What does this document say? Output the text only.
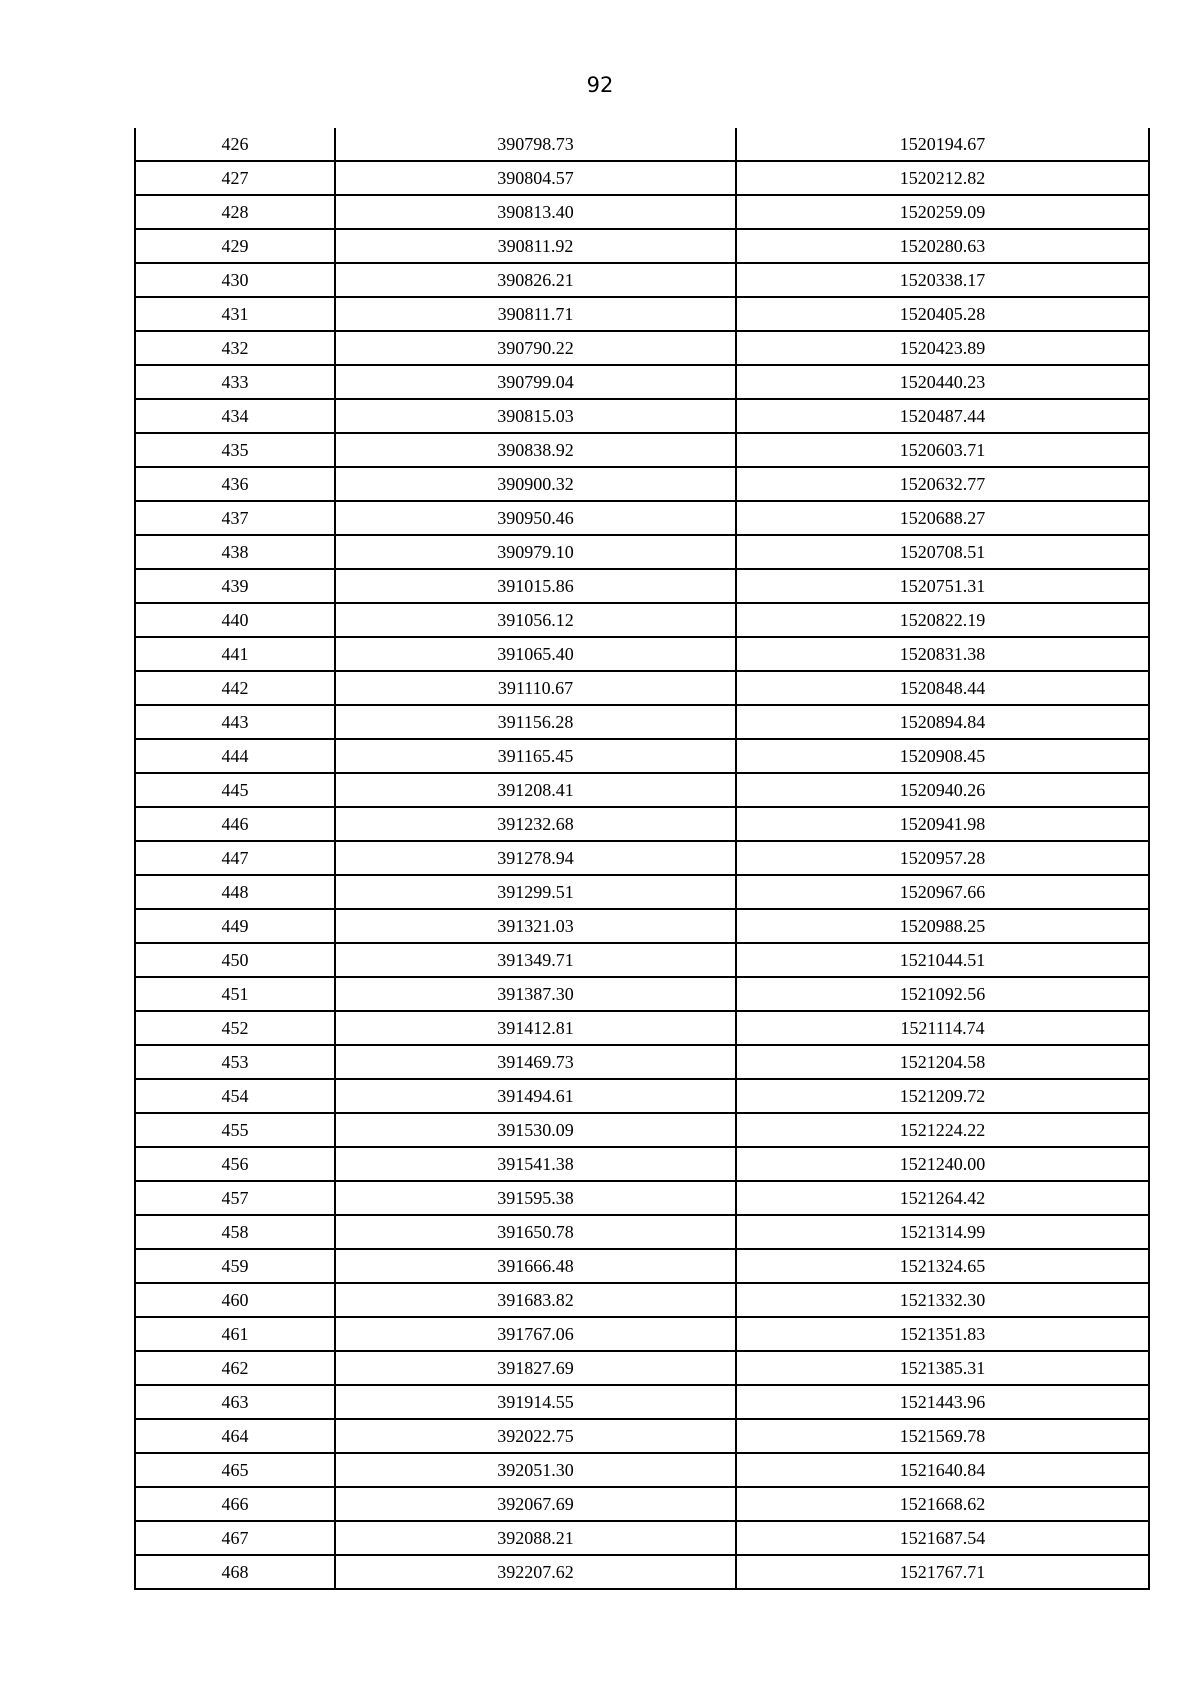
92
426	390798.73	1520194.67
427	390804.57	1520212.82
428	390813.40	1520259.09
429	390811.92	1520280.63
430	390826.21	1520338.17
431	390811.71	1520405.28
432	390790.22	1520423.89
433	390799.04	1520440.23
434	390815.03	1520487.44
435	390838.92	1520603.71
436	390900.32	1520632.77
437	390950.46	1520688.27
438	390979.10	1520708.51
439	391015.86	1520751.31
440	391056.12	1520822.19
441	391065.40	1520831.38
442	391110.67	1520848.44
443	391156.28	1520894.84
444	391165.45	1520908.45
445	391208.41	1520940.26
446	391232.68	1520941.98
447	391278.94	1520957.28
448	391299.51	1520967.66
449	391321.03	1520988.25
450	391349.71	1521044.51
451	391387.30	1521092.56
452	391412.81	1521114.74
453	391469.73	1521204.58
454	391494.61	1521209.72
455	391530.09	1521224.22
456	391541.38	1521240.00
457	391595.38	1521264.42
458	391650.78	1521314.99
459	391666.48	1521324.65
460	391683.82	1521332.30
461	391767.06	1521351.83
462	391827.69	1521385.31
463	391914.55	1521443.96
464	392022.75	1521569.78
465	392051.30	1521640.84
466	392067.69	1521668.62
467	392088.21	1521687.54
468	392207.62	1521767.71
